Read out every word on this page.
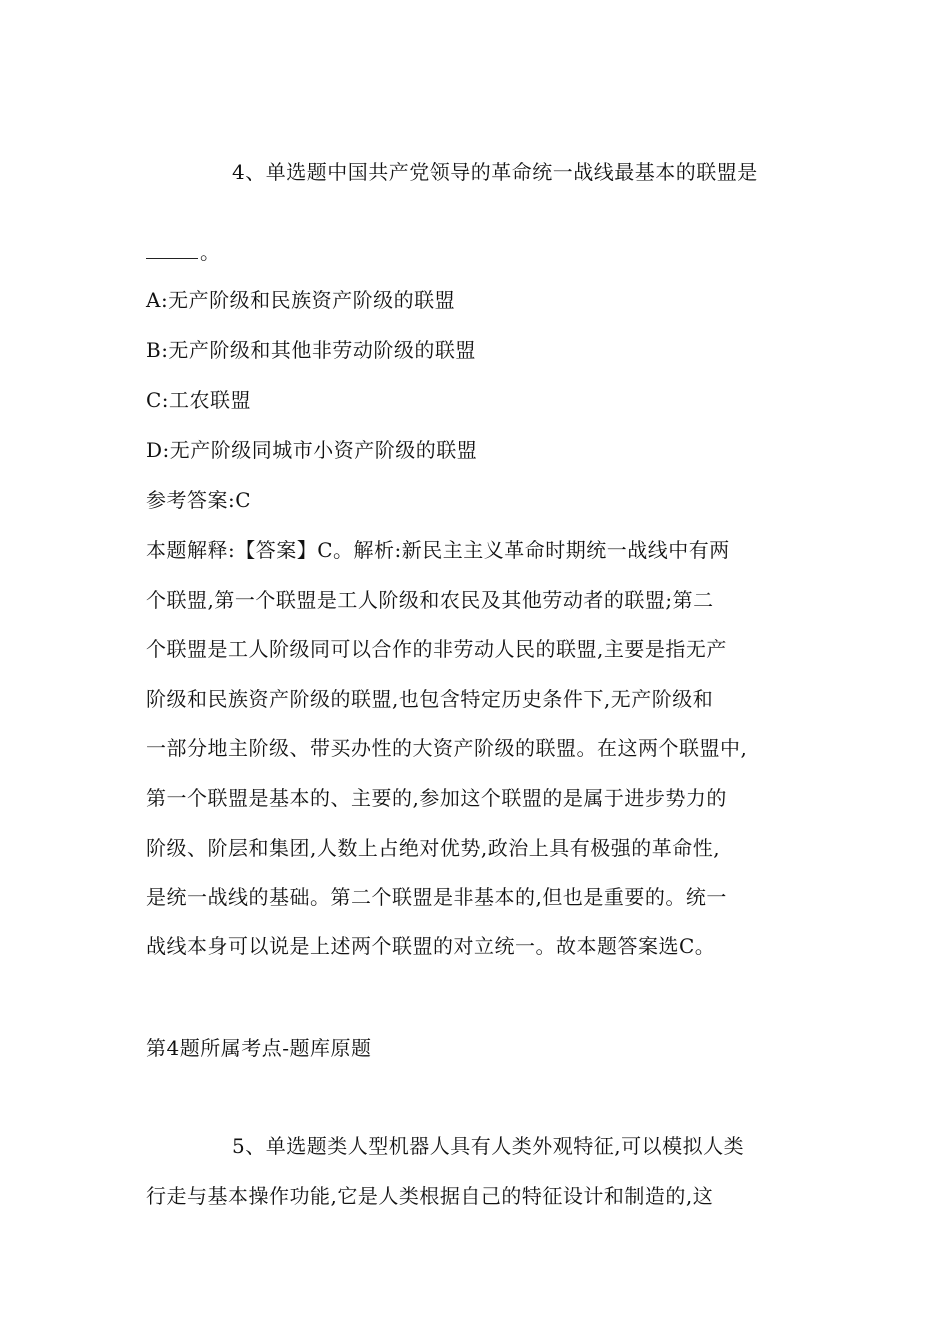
4、单选题中国共产党领导的革命统一战线最基本的联盟是

。

A:无产阶级和民族资产阶级的联盟

B:无产阶级和其他非劳动阶级的联盟

C:工农联盟

D:无产阶级同城市小资产阶级的联盟

参考答案:C

本题解释:【答案】C。解析:新民主主义革命时期统一战线中有两

个联盟,第一个联盟是工人阶级和农民及其他劳动者的联盟;第二

个联盟是工人阶级同可以合作的非劳动人民的联盟,主要是指无产

阶级和民族资产阶级的联盟,也包含特定历史条件下,无产阶级和

一部分地主阶级、带买办性的大资产阶级的联盟。在这两个联盟中,

第一个联盟是基本的、主要的,参加这个联盟的是属于进步势力的

阶级、阶层和集团,人数上占绝对优势,政治上具有极强的革命性,

是统一战线的基础。第二个联盟是非基本的,但也是重要的。统一

战线本身可以说是上述两个联盟的对立统一。故本题答案选C。

第4题所属考点-题库原题

5、单选题类人型机器人具有人类外观特征,可以模拟人类

行走与基本操作功能,它是人类根据自己的特征设计和制造的,这
